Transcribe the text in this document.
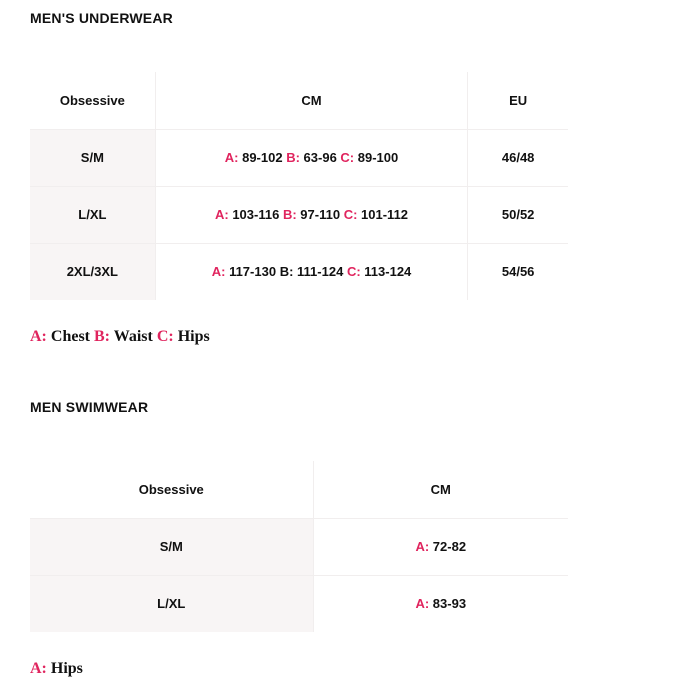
MEN'S UNDERWEAR
Obsessive	CM	EU
S/M	A: 89-102 B: 63-96 C: 89-100	46/48
L/XL	A: 103-116 B: 97-110 C: 101-112	50/52
2XL/3XL	A: 117-130 B: 111-124 C: 113-124	54/56

A: Chest B: Waist C: Hips

MEN SWIMWEAR
Obsessive	CM
S/M	A: 72-82
L/XL	A: 83-93

A: Hips
